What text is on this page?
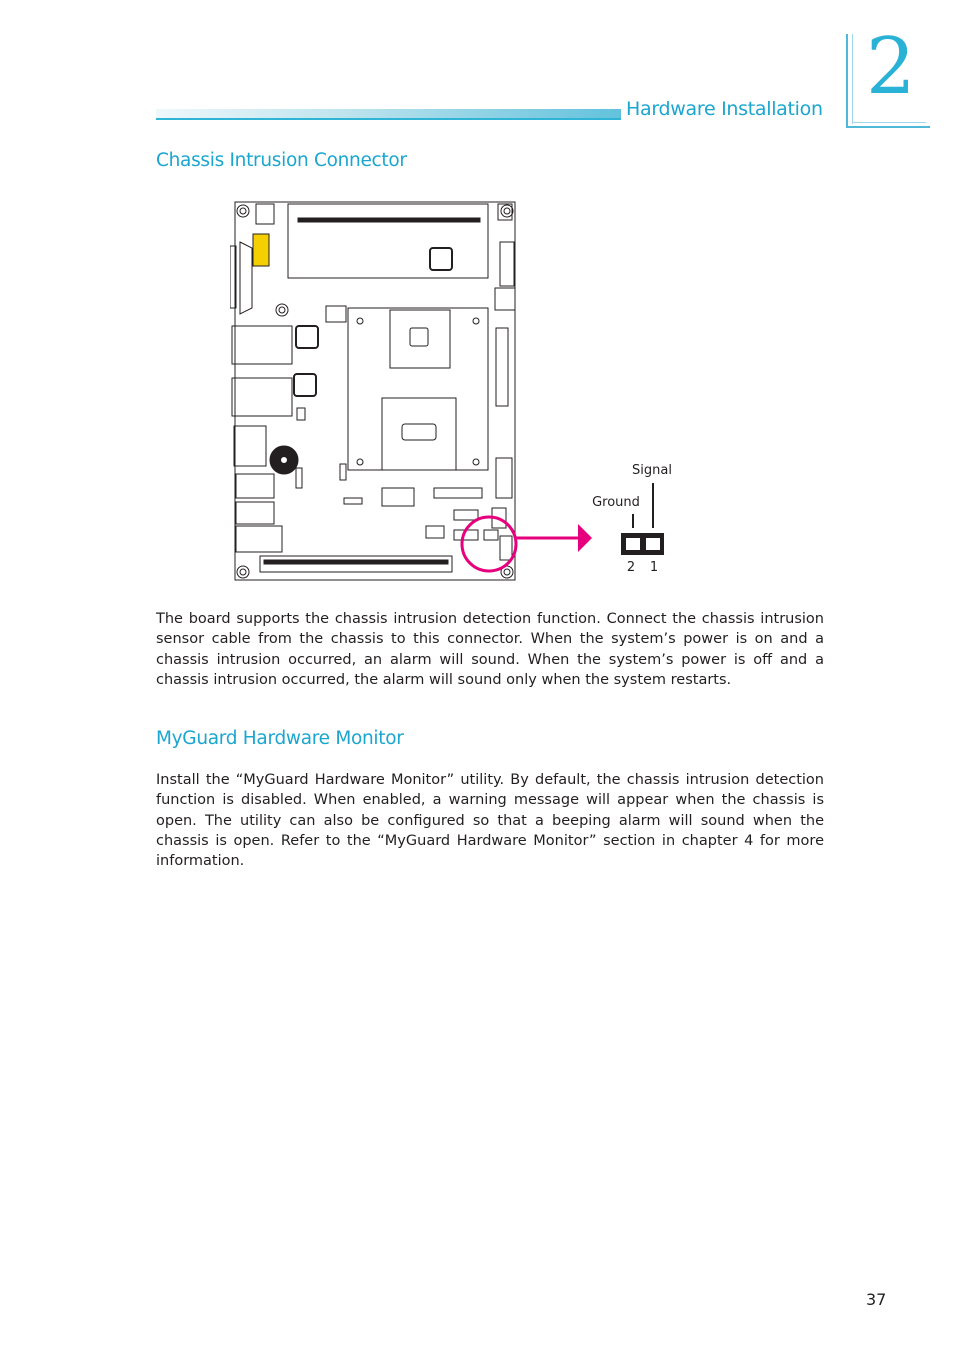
Hardware Installation 2
Chassis Intrusion Connector
Signal
Ground
2 1

The board supports the chassis intrusion detection function. Connect the chassis intrusion sensor cable from the chassis to this connector. When the system’s power is on and a chassis intrusion occurred, an alarm will sound. When the system’s power is off and a chassis intrusion occurred, the alarm will sound only when the system restarts.

MyGuard Hardware Monitor

Install the “MyGuard Hardware Monitor” utility. By default, the chassis intrusion detection function is disabled. When enabled, a warning message will appear when the chassis is open. The utility can also be configured so that a beeping alarm will sound when the chassis is open. Refer to the “MyGuard Hardware Monitor” section in chapter 4 for more information.

37
